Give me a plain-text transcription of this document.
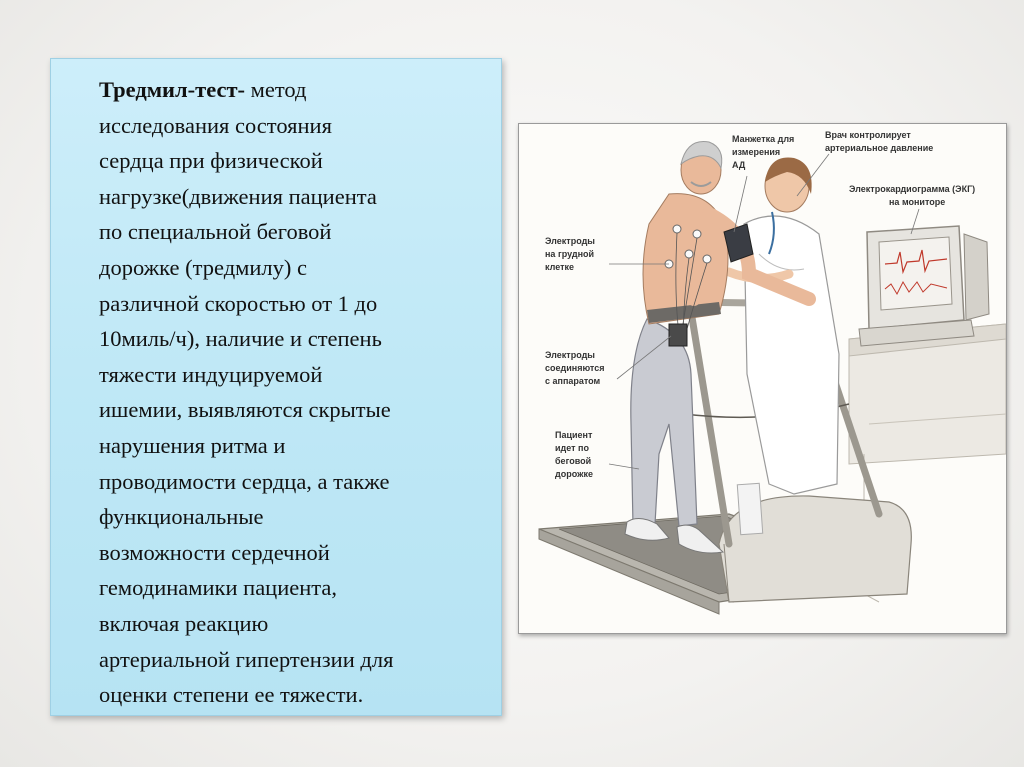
Тредмил-тест- метод
исследования состояния
сердца при физической
нагрузке(движения пациента
по специальной беговой
дорожке (тредмилу) с
различной скоростью от 1 до
10миль/ч), наличие и степень
тяжести индуцируемой
ишемии, выявляются скрытые
нарушения ритма и
проводимости сердца, а также
функциональные
возможности сердечной
гемодинамики пациента,
включая реакцию
артериальной гипертензии для
оценки степени ее тяжести.

Манжетка для
измерения
АД
Врач контролирует
артериальное давление
Электрокардиограмма (ЭКГ)
на мониторе
Электроды
на грудной
клетке
Электроды
соединяются
с аппаратом
Пациент
идет по
беговой
дорожке
